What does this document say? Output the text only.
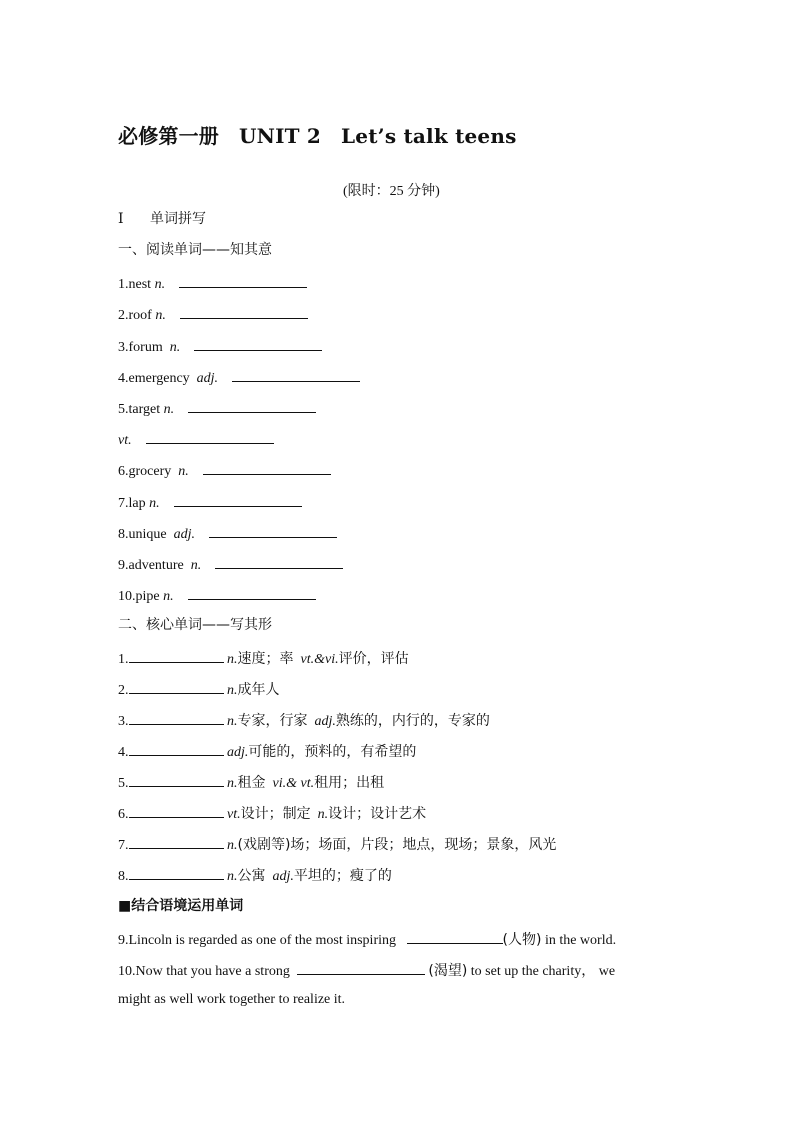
必修第一册 UNIT 2 Let’s talk teens
(限时：25 分钟)
Ⅰ 单词拼写
一、阅读单词——知其意
1.nest n.
2.roof n.
3.forum n.
4.emergency adj.
5.target n.
vt.
6.grocery n.
7.lap n.
8.unique adj.
9.adventure n.
10.pipe n.
二、核心单词——写其形
1.	n.速度；率 vt.&vi.评价，评估
2.	n.成年人
3.	n.专家，行家 adj.熟练的，内行的，专家的
4.	adj.可能的，预料的，有希望的
5.	n.租金 vi.& vt.租用；出租
6.	vt.设计；制定 n.设计；设计艺术
7.	n.(戏剧等)场；场面，片段；地点，现场；景象，风光
8.	n.公寓 adj.平坦的；瘦了的
■结合语境运用单词
9.Lincoln is regarded as one of the most inspiring	(人物) in the world.
10.Now that you have a strong	(渴望) to set up the charity， we
might as well work together to realize it.
